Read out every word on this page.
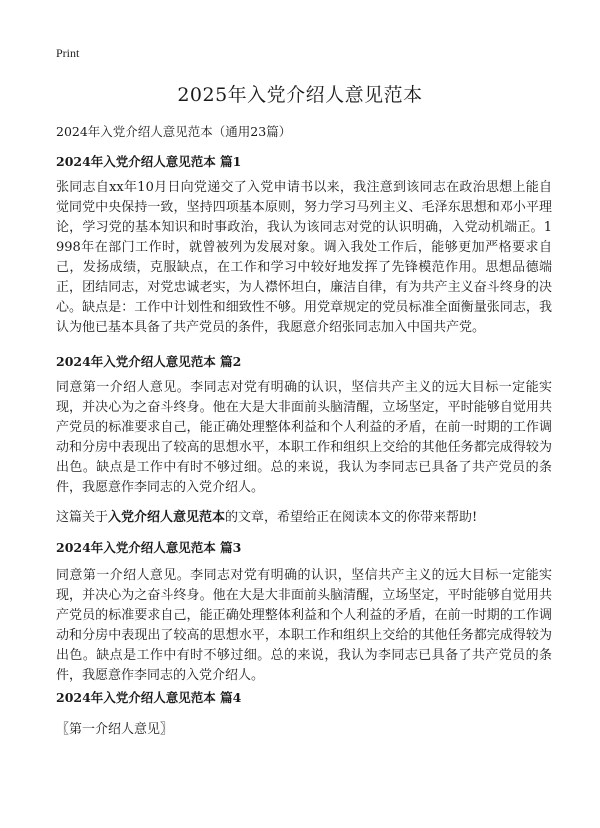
Print
2025年入党介绍人意见范本
2024年入党介绍人意见范本（通用23篇）
2024年入党介绍人意见范本 篇1

张同志自xx年10月日向党递交了入党申请书以来，我注意到该同志在政治思想上能自觉同党中央保持一致，坚持四项基本原则，努力学习马列主义、毛泽东思想和邓小平理论，学习党的基本知识和时事政治，我认为该同志对党的认识明确，入党动机端正。1998年在部门工作时，就曾被列为发展对象。调入我处工作后，能够更加严格要求自己，发扬成绩，克服缺点，在工作和学习中较好地发挥了先锋模范作用。思想品德端正，团结同志，对党忠诚老实，为人襟怀坦白，廉洁自律，有为共产主义奋斗终身的决心。缺点是：工作中计划性和细致性不够。用党章规定的党员标准全面衡量张同志，我认为他已基本具备了共产党员的条件，我愿意介绍张同志加入中国共产党。

2024年入党介绍人意见范本 篇2

同意第一介绍人意见。李同志对党有明确的认识，坚信共产主义的远大目标一定能实现，并决心为之奋斗终身。他在大是大非面前头脑清醒，立场坚定，平时能够自觉用共产党员的标准要求自己，能正确处理整体利益和个人利益的矛盾，在前一时期的工作调动和分房中表现出了较高的思想水平，本职工作和组织上交给的其他任务都完成得较为出色。缺点是工作中有时不够过细。总的来说，我认为李同志已具备了共产党员的条件，我愿意作李同志的入党介绍人。

这篇关于入党介绍人意见范本的文章，希望给正在阅读本文的你带来帮助!
2024年入党介绍人意见范本 篇3

同意第一介绍人意见。李同志对党有明确的认识，坚信共产主义的远大目标一定能实现，并决心为之奋斗终身。他在大是大非面前头脑清醒，立场坚定，平时能够自觉用共产党员的标准要求自己，能正确处理整体利益和个人利益的矛盾，在前一时期的工作调动和分房中表现出了较高的思想水平，本职工作和组织上交给的其他任务都完成得较为出色。缺点是工作中有时不够过细。总的来说，我认为李同志已具备了共产党员的条件，我愿意作李同志的入党介绍人。

2024年入党介绍人意见范本 篇4
〖第一介绍人意见〗
